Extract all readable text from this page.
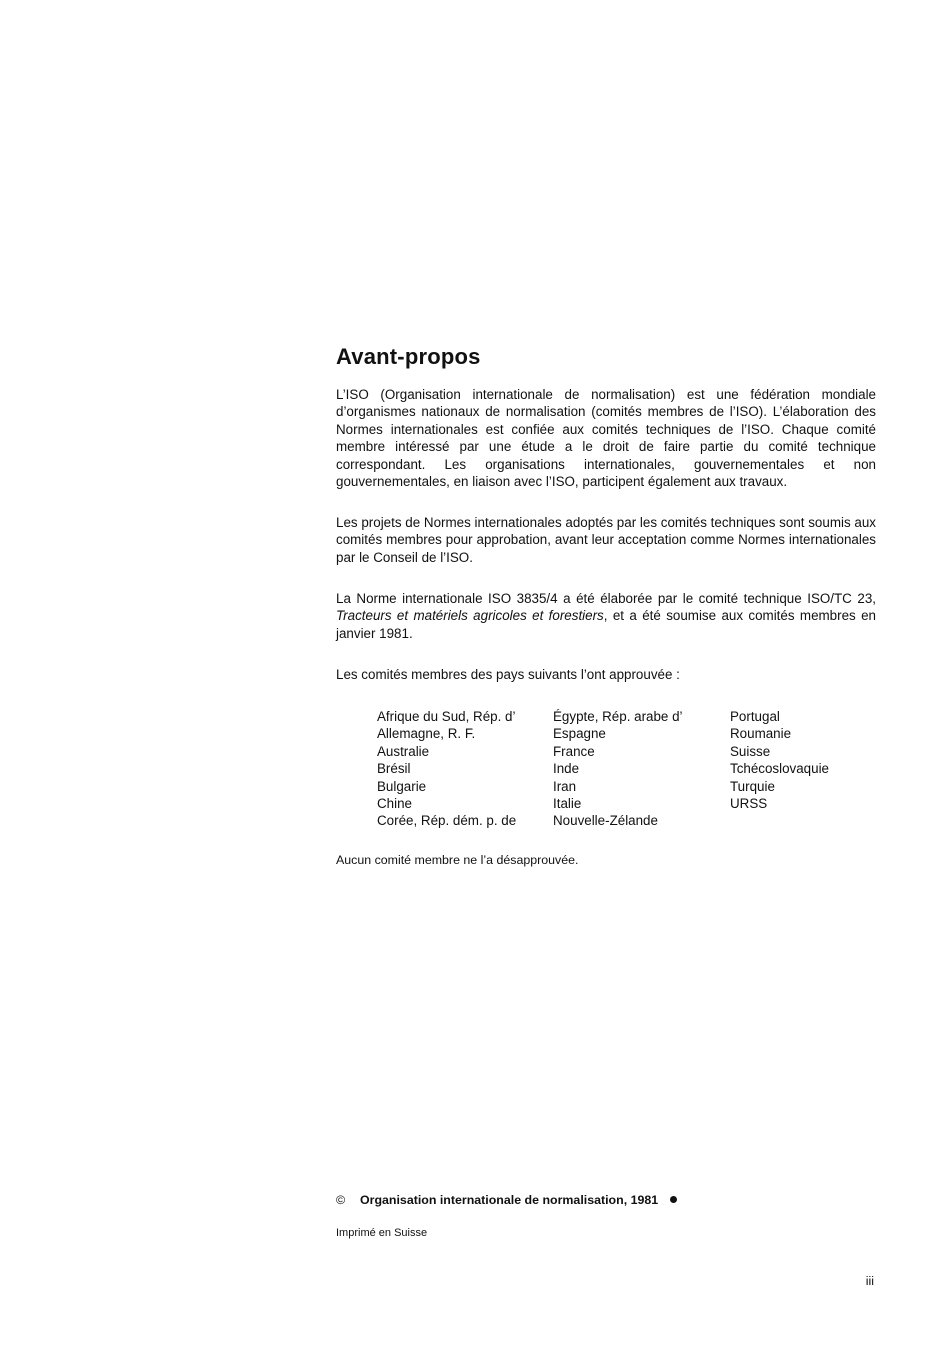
Avant-propos

L’ISO (Organisation internationale de normalisation) est une fédération mondiale d’organismes nationaux de normalisation (comités membres de l’ISO). L’élaboration des Normes internationales est confiée aux comités techniques de l’ISO. Chaque comité membre intéressé par une étude a le droit de faire partie du comité technique correspondant. Les organisations internationales, gouvernementales et non gouvernementales, en liaison avec l’ISO, participent également aux travaux.

Les projets de Normes internationales adoptés par les comités techniques sont soumis aux comités membres pour approbation, avant leur acceptation comme Normes internationales par le Conseil de l’ISO.

La Norme internationale ISO 3835/4 a été élaborée par le comité technique ISO/TC 23, Tracteurs et matériels agricoles et forestiers, et a été soumise aux comités membres en janvier 1981.

Les comités membres des pays suivants l’ont approuvée :

Afrique du Sud, Rép. d’
Allemagne, R. F.
Australie
Brésil
Bulgarie
Chine
Corée, Rép. dém. p. de
Égypte, Rép. arabe d’
Espagne
France
Inde
Iran
Italie
Nouvelle-Zélande
Portugal
Roumanie
Suisse
Tchécoslovaquie
Turquie
URSS

Aucun comité membre ne l’a désapprouvée.

© Organisation internationale de normalisation, 1981
Imprimé en Suisse
iii
